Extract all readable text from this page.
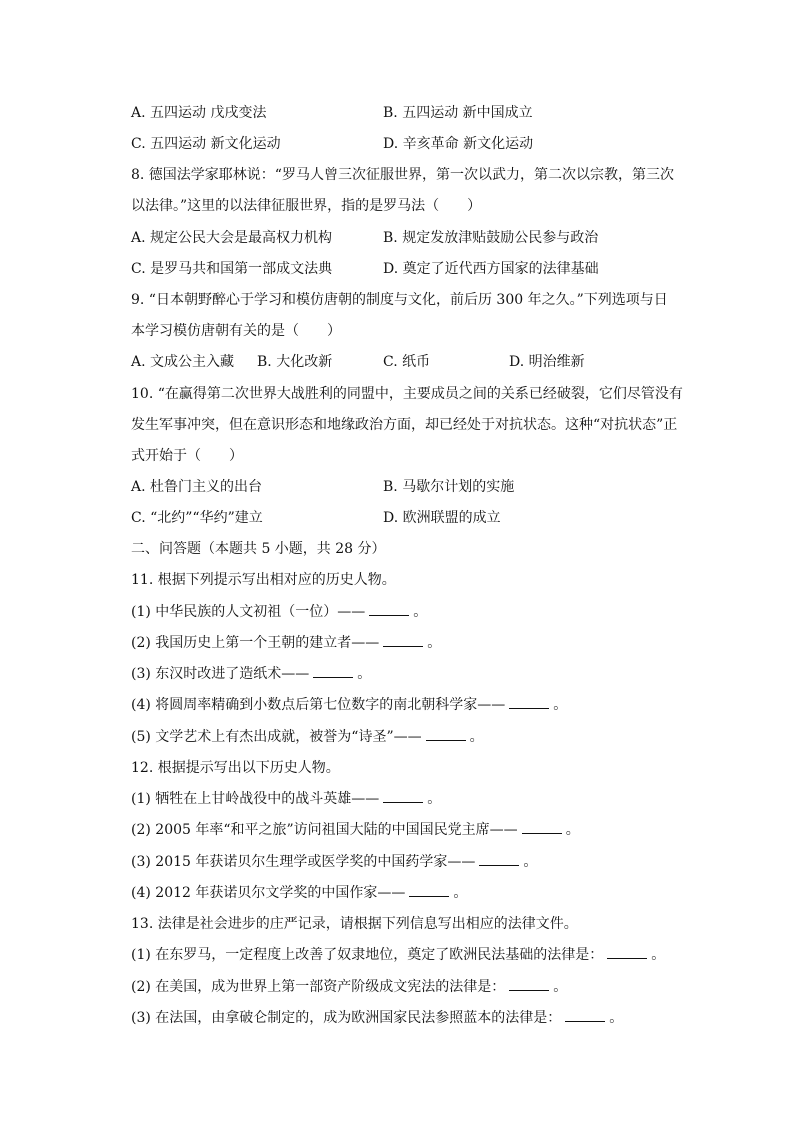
A. 五四运动 戊戌变法	B. 五四运动 新中国成立
C. 五四运动 新文化运动	D. 辛亥革命 新文化运动
8. 德国法学家耶林说：“罗马人曾三次征服世界，第一次以武力，第二次以宗教，第三次
以法律。”这里的以法律征服世界，指的是罗马法（　　）
A. 规定公民大会是最高权力机构	B. 规定发放津贴鼓励公民参与政治
C. 是罗马共和国第一部成文法典	D. 奠定了近代西方国家的法律基础
9. “日本朝野醉心于学习和模仿唐朝的制度与文化，前后历 300 年之久。”下列选项与日
本学习模仿唐朝有关的是（　　）
A. 文成公主入藏 B. 大化改新	C. 纸币	D. 明治维新
10. “在赢得第二次世界大战胜利的同盟中，主要成员之间的关系已经破裂，它们尽管没有
发生军事冲突，但在意识形态和地缘政治方面，却已经处于对抗状态。这种“对抗状态”正
式开始于（　　）
A. 杜鲁门主义的出台	B. 马歇尔计划的实施
C. “北约”“华约”建立	D. 欧洲联盟的成立
二、问答题（本题共 5 小题，共 28 分）
11. 根据下列提示写出相对应的历史人物。
(1) 中华民族的人文初祖（一位）——	。
(2) 我国历史上第一个王朝的建立者——	。
(3) 东汉时改进了造纸术——	。
(4) 将圆周率精确到小数点后第七位数字的南北朝科学家——	。
(5) 文学艺术上有杰出成就，被誉为“诗圣”——	。
12. 根据提示写出以下历史人物。
(1) 牺牲在上甘岭战役中的战斗英雄——	。
(2) 2005 年率“和平之旅”访问祖国大陆的中国国民党主席——	。
(3) 2015 年获诺贝尔生理学或医学奖的中国药学家——	。
(4) 2012 年获诺贝尔文学奖的中国作家——	。
13. 法律是社会进步的庄严记录，请根据下列信息写出相应的法律文件。
(1) 在东罗马，一定程度上改善了奴隶地位，奠定了欧洲民法基础的法律是：	。
(2) 在美国，成为世界上第一部资产阶级成文宪法的法律是：	。
(3) 在法国，由拿破仑制定的，成为欧洲国家民法参照蓝本的法律是：	。
